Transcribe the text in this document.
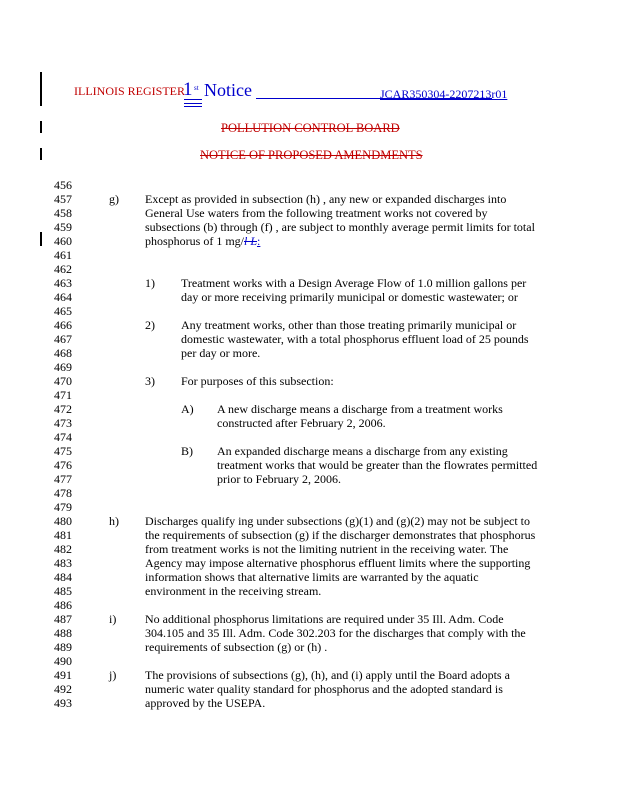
ILLINOIS REGISTER
1 st Notice	JCAR350304-2207213r01
POLLUTION CONTROL BOARD
NOTICE OF PROPOSED AMENDMENTS
456
457
458
459
460
461
462
463
464
465
466
467
468
469
470
471
472
473
474
475
476
477
478
479
480
481
482
483
484
485
486
487
488
489
490
491
492
493
g) Except as provided in subsection (h) , any new or expanded discharges into
General Use waters from the following treatment works not covered by
subsections (b) through (f) , are subject to monthly average permit limits for total
phosphorus of 1 mg/l L:
1) Treatment works with a Design Average Flow of 1.0 million gallons per
day or more receiving primarily municipal or domestic wastewater; or
2) Any treatment works, other than those treating primarily municipal or
domestic wastewater, with a total phosphorus effluent load of 25 pounds
per day or more.
3) For purposes of this subsection:
A) A new discharge means a discharge from a treatment works
constructed after February 2, 2006.
B) An expanded discharge means a discharge from any existing
treatment works that would be greater than the flowrates permitted
prior to February 2, 2006.
h) Discharges qualify ing under subsections (g)(1) and (g)(2) may not be subject to
the requirements of subsection (g) if the discharger demonstrates that phosphorus
from treatment works is not the limiting nutrient in the receiving water. The
Agency may impose alternative phosphorus effluent limits where the supporting
information shows that alternative limits are warranted by the aquatic
environment in the receiving stream.
i) No additional phosphorus limitations are required under 35 Ill. Adm. Code
304.105 and 35 Ill. Adm. Code 302.203 for the discharges that comply with the
requirements of subsection (g) or (h) .
j) The provisions of subsections (g), (h), and (i) apply until the Board adopts a
numeric water quality standard for phosphorus and the adopted standard is
approved by the USEPA.
